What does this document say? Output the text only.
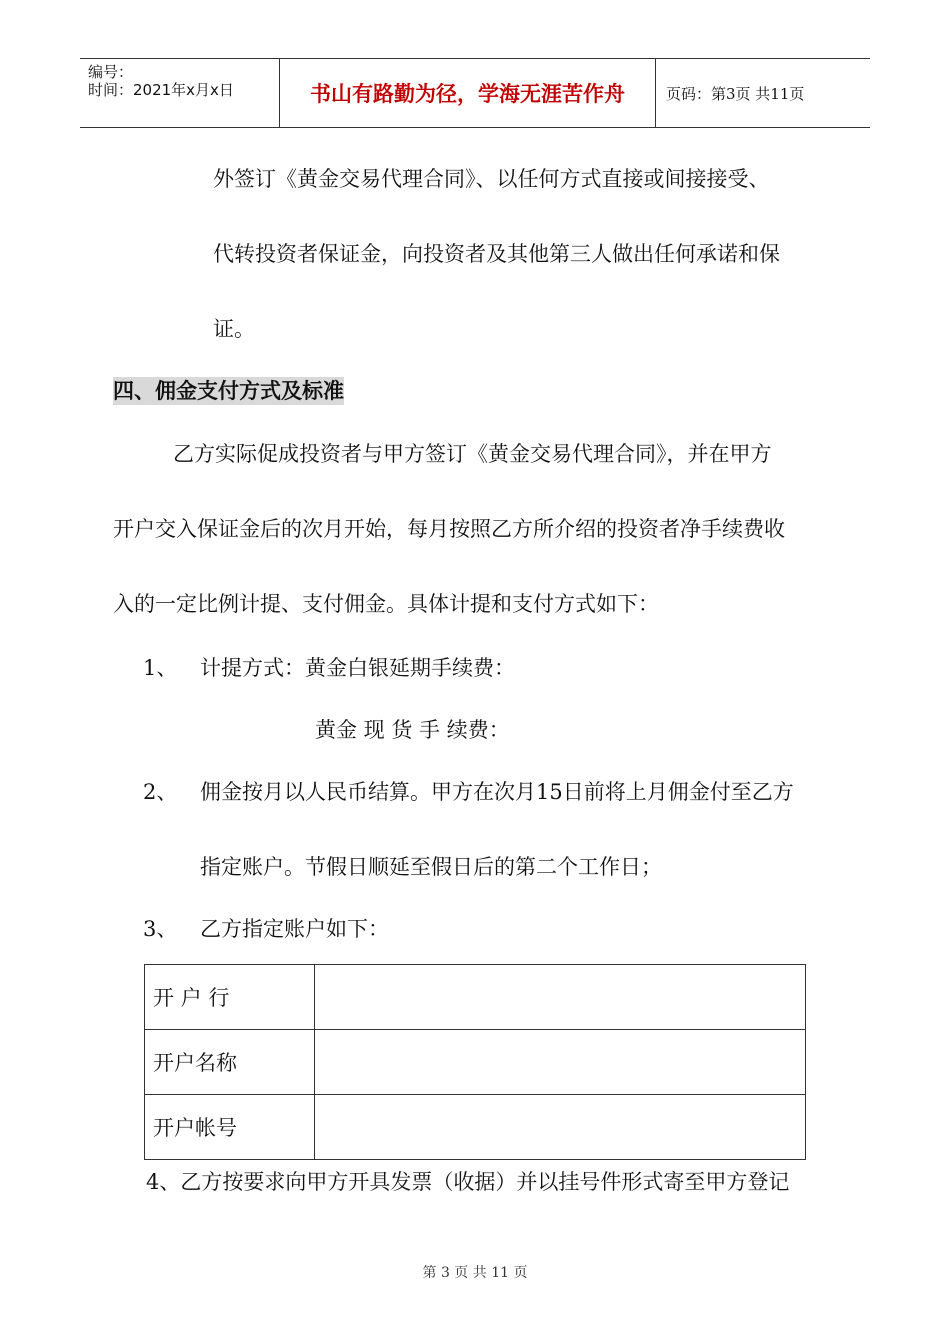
编号：
时间：2021年x月x日	书山有路勤为径，学海无涯苦作舟	页码：第3页 共11页
外签订《黄金交易代理合同》、以任何方式直接或间接接受、
代转投资者保证金，向投资者及其他第三人做出任何承诺和保
证。
四、佣金支付方式及标准
乙方实际促成投资者与甲方签订《黄金交易代理合同》，并在甲方
开户交入保证金后的次月开始，每月按照乙方所介绍的投资者净手续费收
入的一定比例计提、支付佣金。具体计提和支付方式如下：
1、 计提方式：黄金白银延期手续费：
黄金 现 货 手 续费：
2、 佣金按月以人民币结算。甲方在次月15日前将上月佣金付至乙方
指定账户。节假日顺延至假日后的第二个工作日；
3、 乙方指定账户如下：
开 户 行	
开户名称	
开户帐号	
4、乙方按要求向甲方开具发票（收据）并以挂号件形式寄至甲方登记
第 3 页 共 11 页
